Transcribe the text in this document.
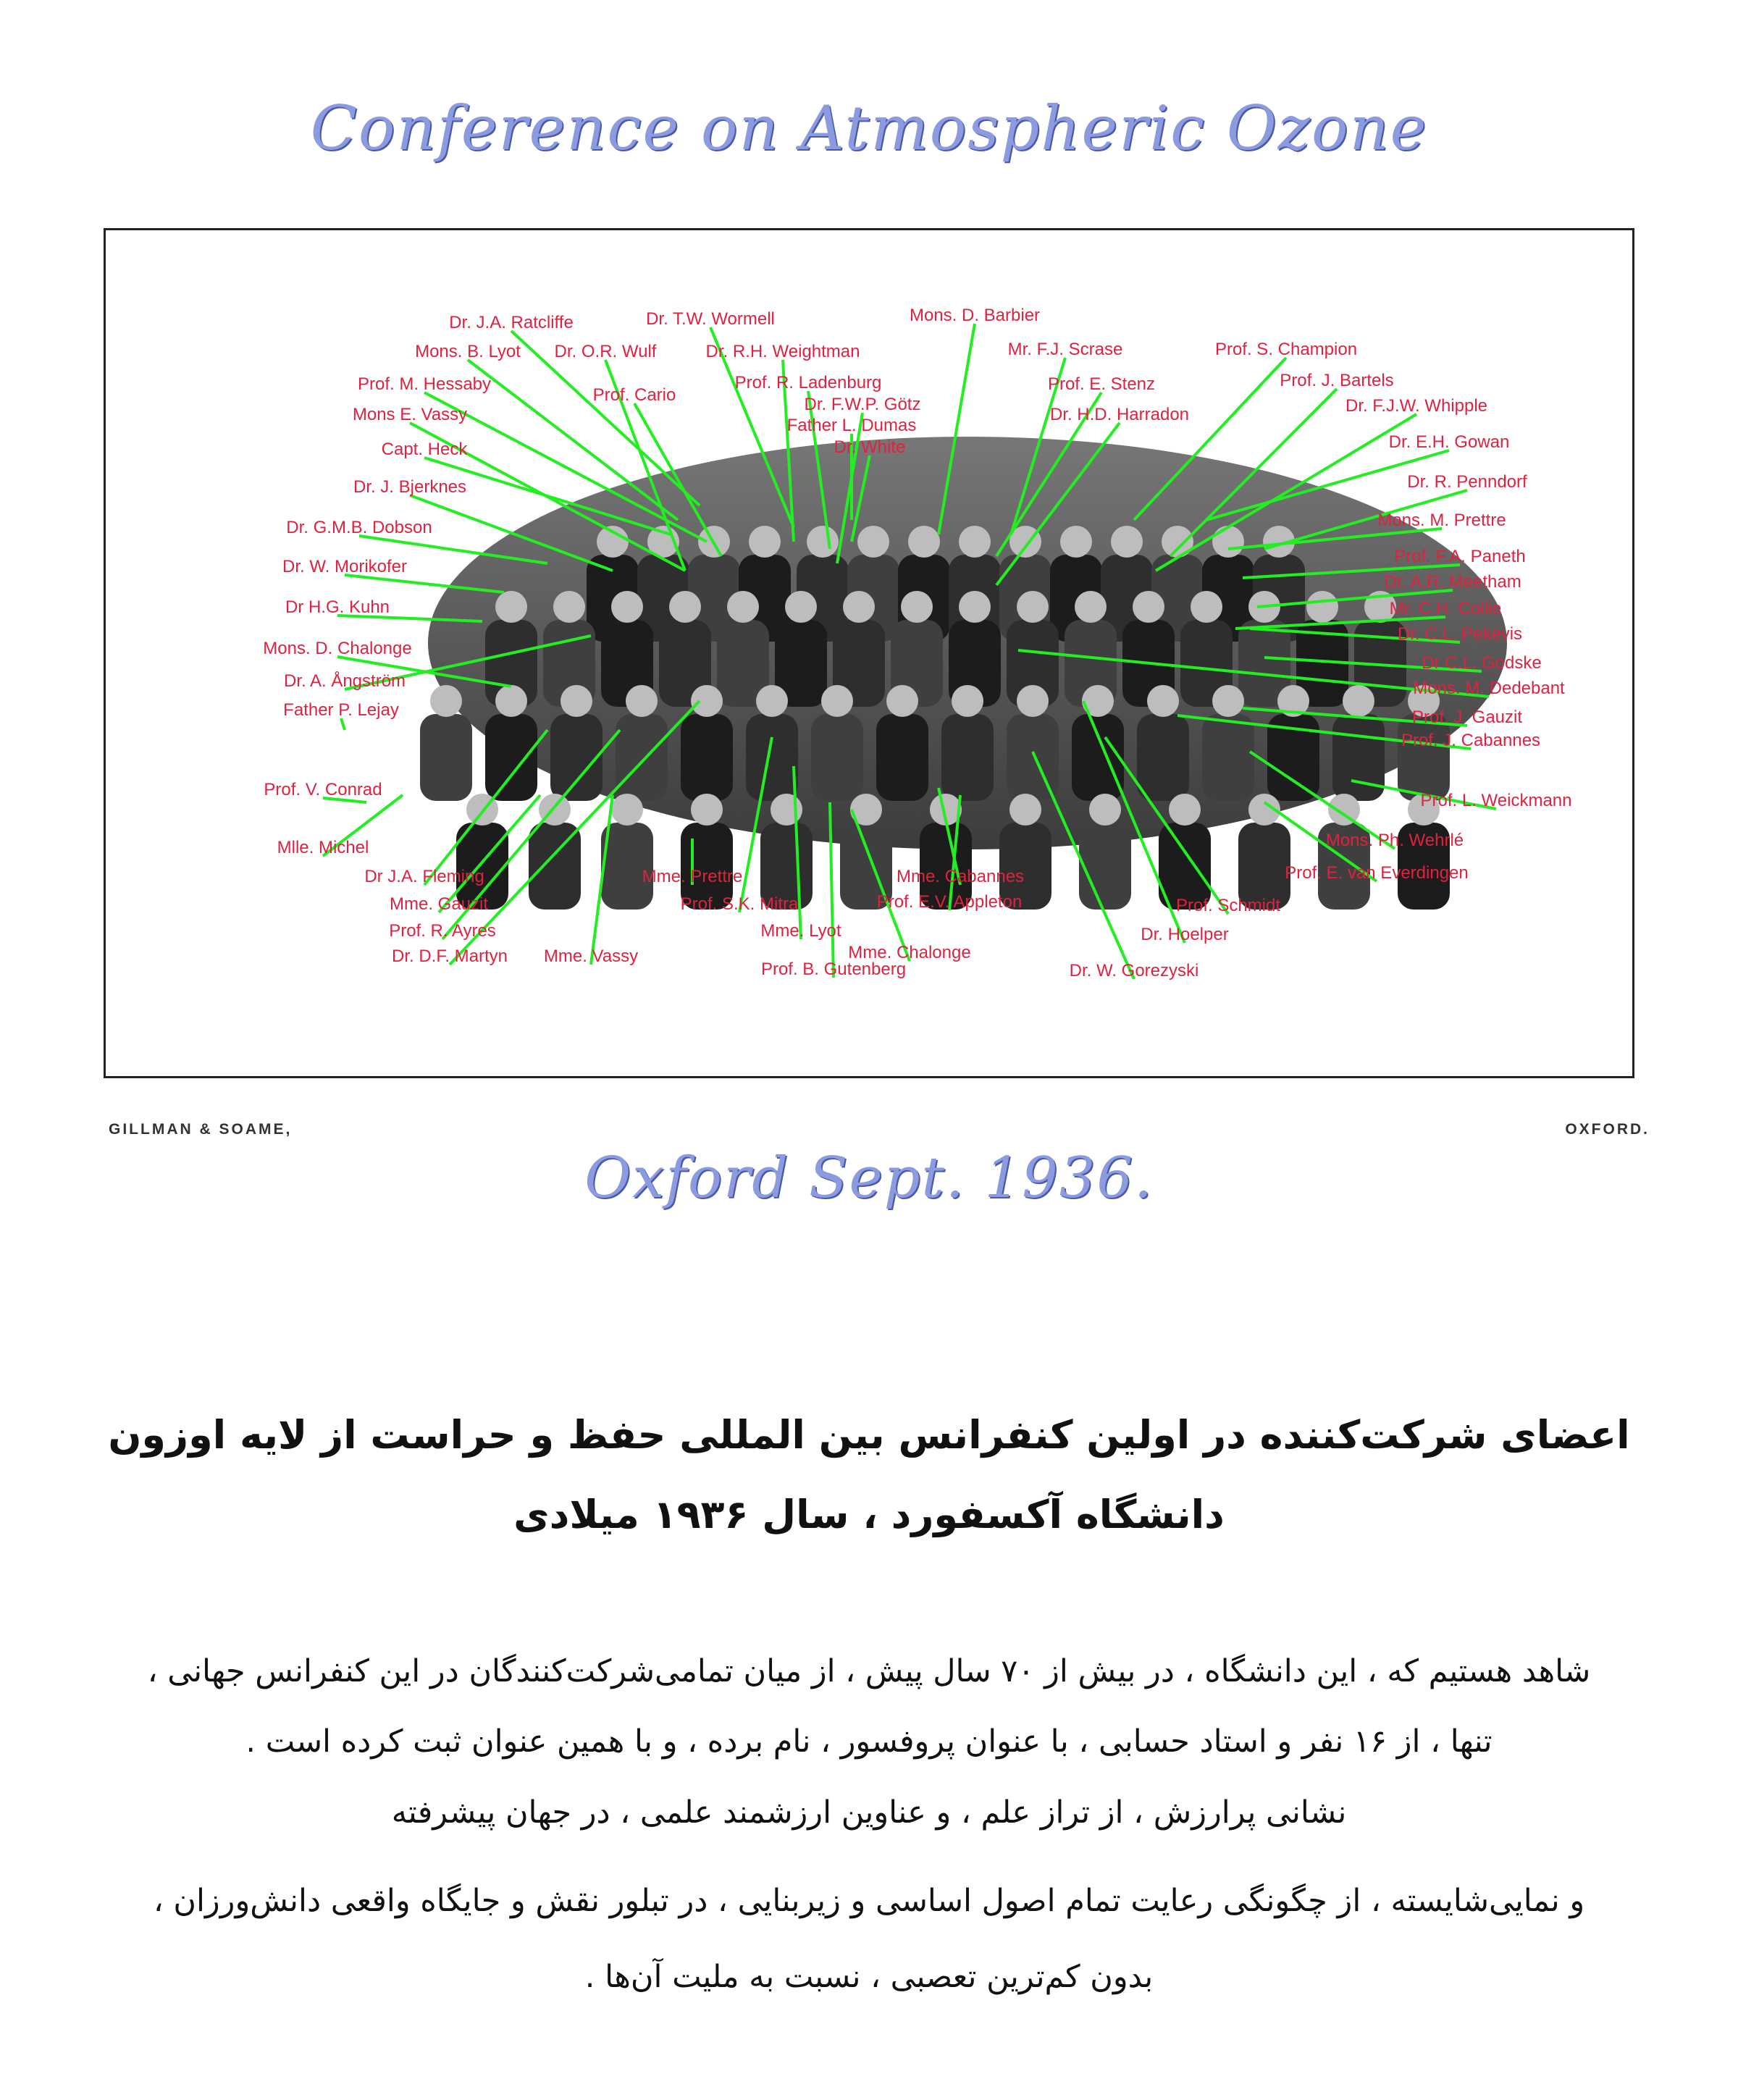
Conference on Atmospheric Ozone
Dr. J.A. Ratcliffe
Mons. B. Lyot
Prof. M. Hessaby
Mons E. Vassy
Capt. Heck
Dr. J. Bjerknes
Dr. G.M.B. Dobson
Dr. W. Morikofer
Dr H.G. Kuhn
Mons. D. Chalonge
Dr. A. Ångström
Father P. Lejay
Prof. V. Conrad
Mlle. Michel
Dr J.A. Fleming
Mme. Gauzit
Prof. R. Ayres
Dr. D.F. Martyn Mme. Vassy
Dr. O.R. Wulf
Prof. Cario
Dr. T.W. Wormell
Dr. R.H. Weightman
Prof. R. Ladenburg
Dr. F.W.P. Götz
Father L. Dumas
Dr. White
Mons. D. Barbier
Mr. F.J. Scrase
Prof. E. Stenz
Dr. H.D. Harradon
Mme. Prettre
Prof. S.K. Mitra
Mme. Lyot
Mme. Chalonge
Prof. B. Gutenberg
Prof. E.V. Appleton
Mme. Cabannes
Prof. S. Champion
Prof. J. Bartels
Dr. F.J.W. Whipple
Dr. E.H. Gowan
Dr. R. Penndorf
Mons. M. Prettre
Prof. F.A. Paneth
Dr. A.R. Meetham
Mr. C.H. Collie
Dr. C.L. Pekevis
Dr C.L. Godske
Mons. M. Dedebant
Prof. J. Gauzit
Prof. J. Cabannes
Prof. L. Weickmann
Mons. Ph. Wehrlé
Prof. E. van Everdingen
Prof. Schmidt
Dr. Hoelper
Dr. W. Gorezyski
GILLMAN & SOAME,	OXFORD.
Oxford Sept. 1936.
اعضای شرکت‌کننده در اولین کنفرانس بین المللی حفظ و حراست از لایه اوزون
دانشگاه آکسفورد ، سال ۱۹۳۶ میلادی
شاهد هستیم که ، این دانشگاه ، در بیش از ۷۰ سال پیش ، از میان تمامی‌شرکت‌کنندگان در این کنفرانس جهانی ،
تنها ، از ۱۶ نفر و استاد حسابی ، با عنوان پروفسور ، نام برده ، و با همین عنوان ثبت کرده است .
نشانی پرارزش ، از تراز علم ، و عناوین ارزشمند علمی ، در جهان پیشرفته
و نمایی‌شایسته ، از چگونگی رعایت تمام اصول اساسی و زیربنایی ، در تبلور نقش و جایگاه واقعی دانش‌ورزان ،
بدون کم‌ترین تعصبی ، نسبت به ملیت آن‌ها .
